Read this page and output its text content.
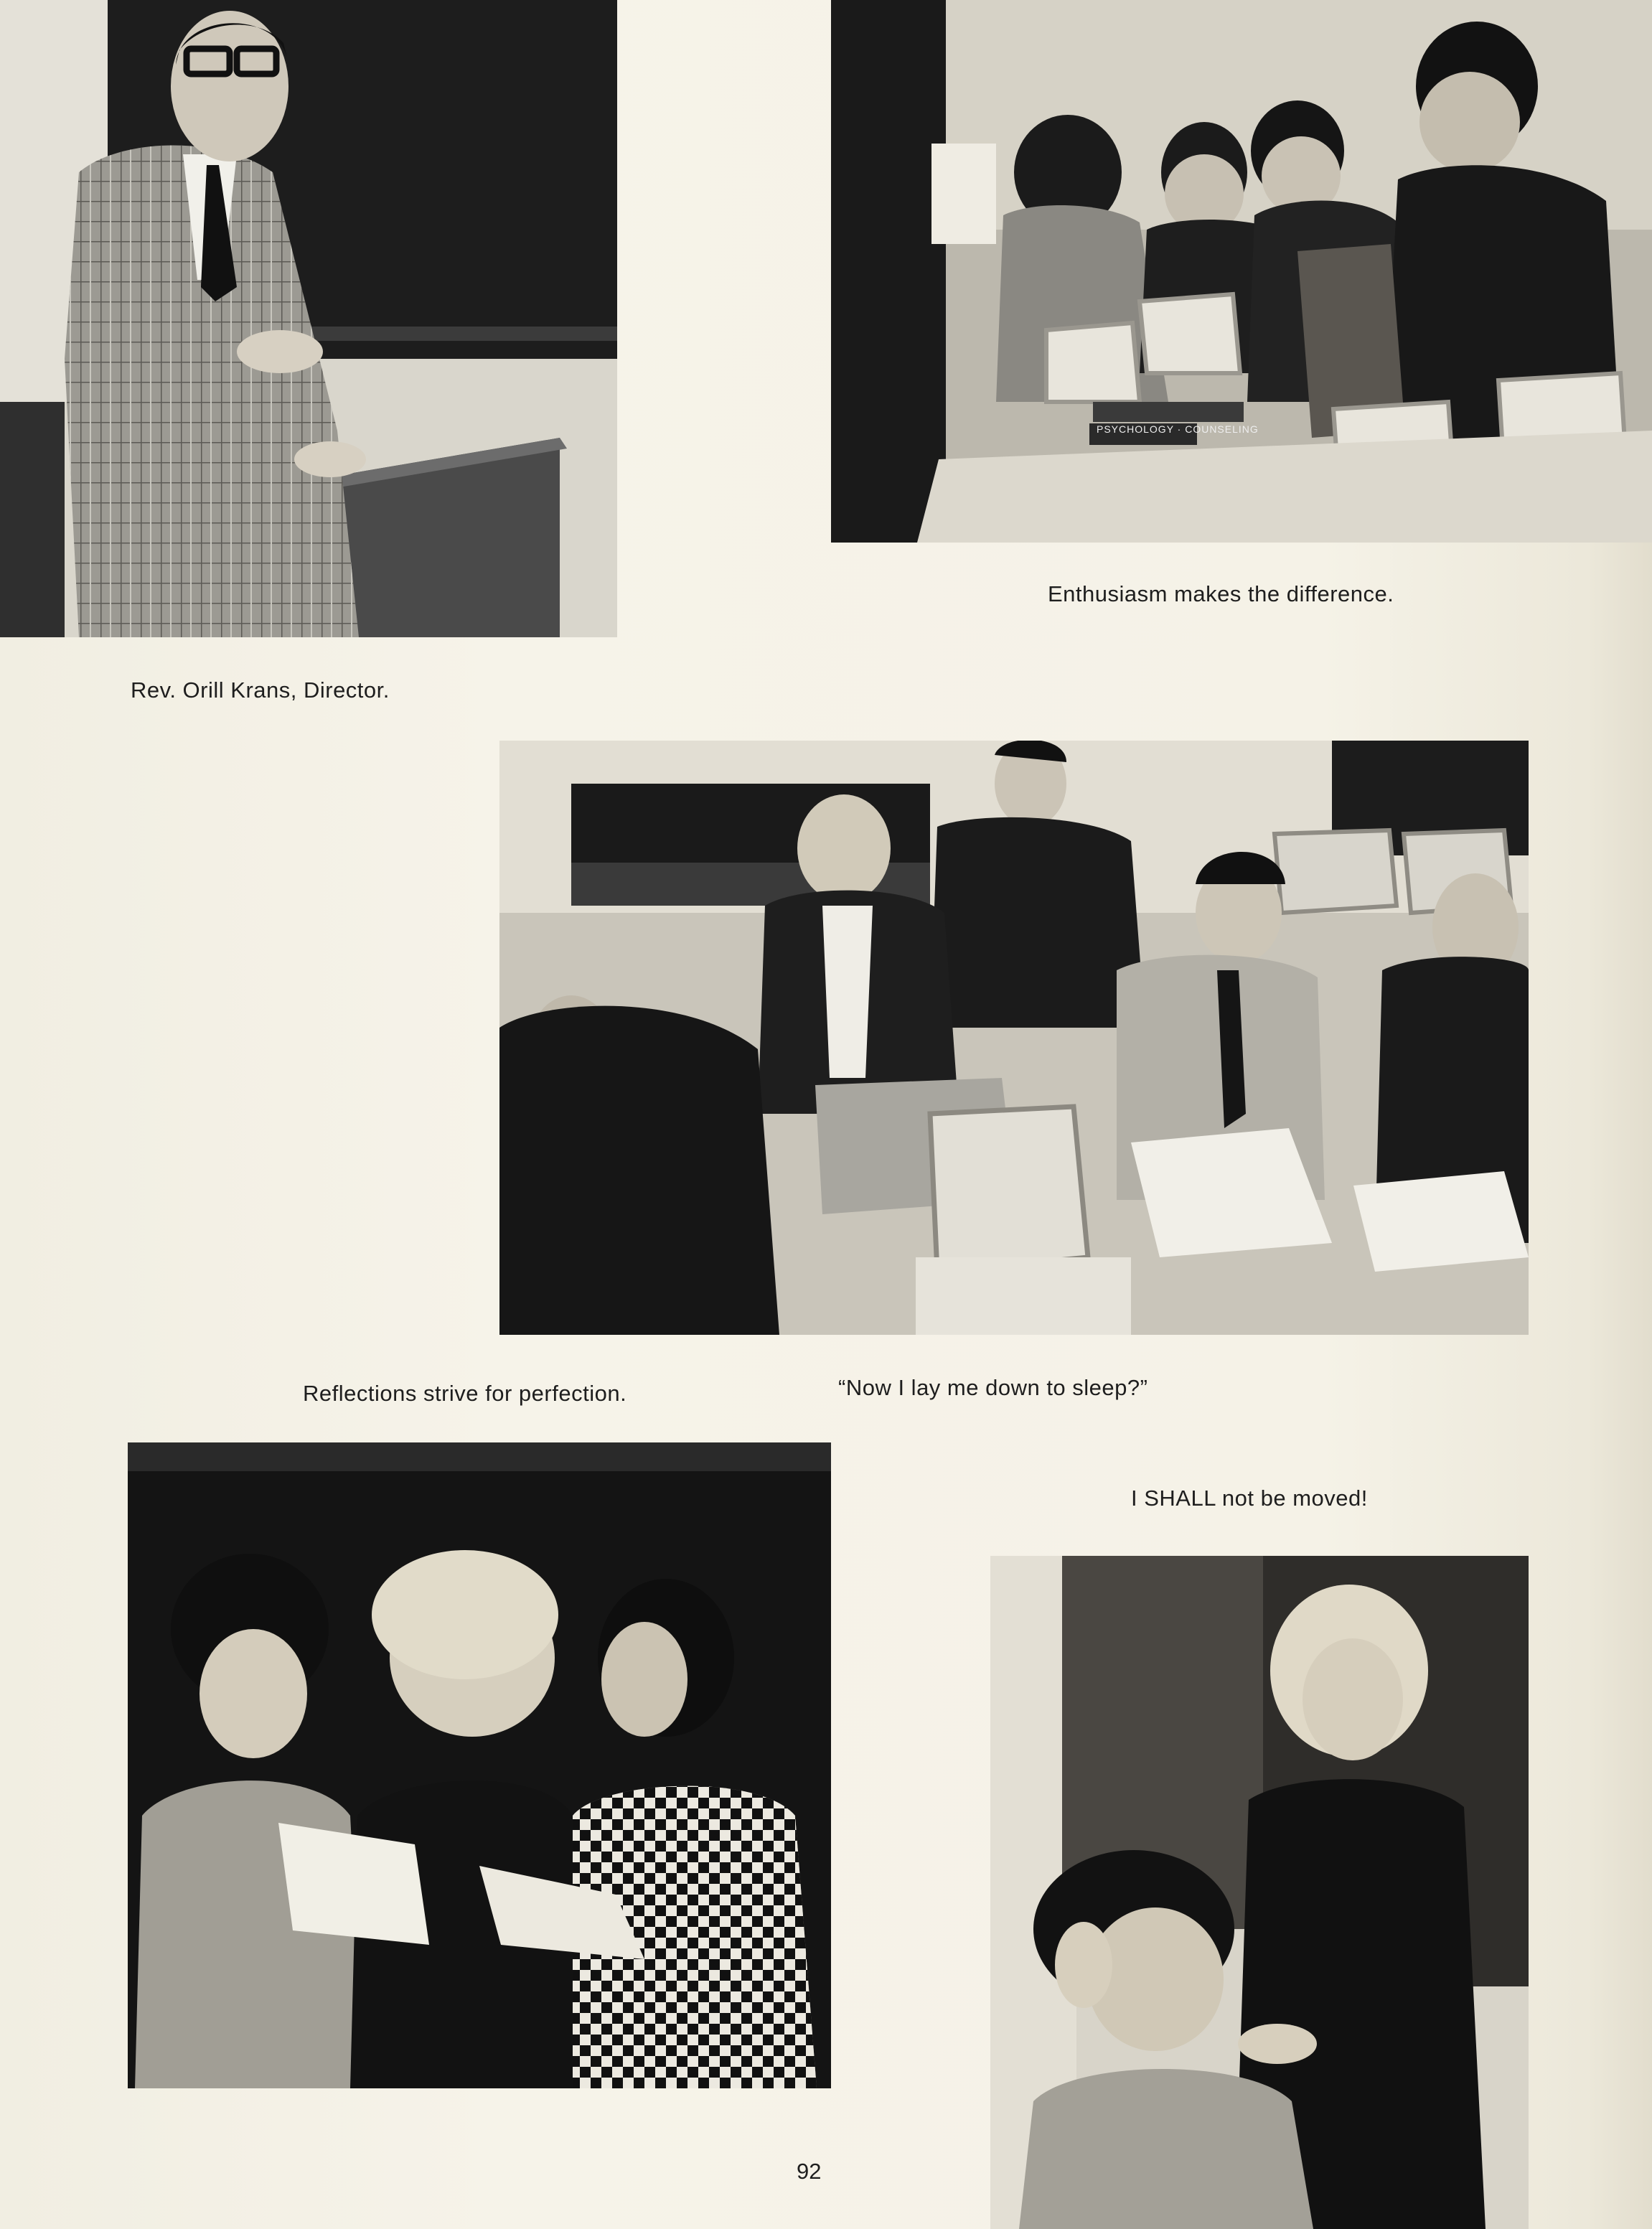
PSYCHOLOGY · COUNSELING
Enthusiasm makes the difference.
Rev. Orill Krans, Director.
Reflections strive for perfection.	“Now I lay me down to sleep?”
I SHALL not be moved!
92
